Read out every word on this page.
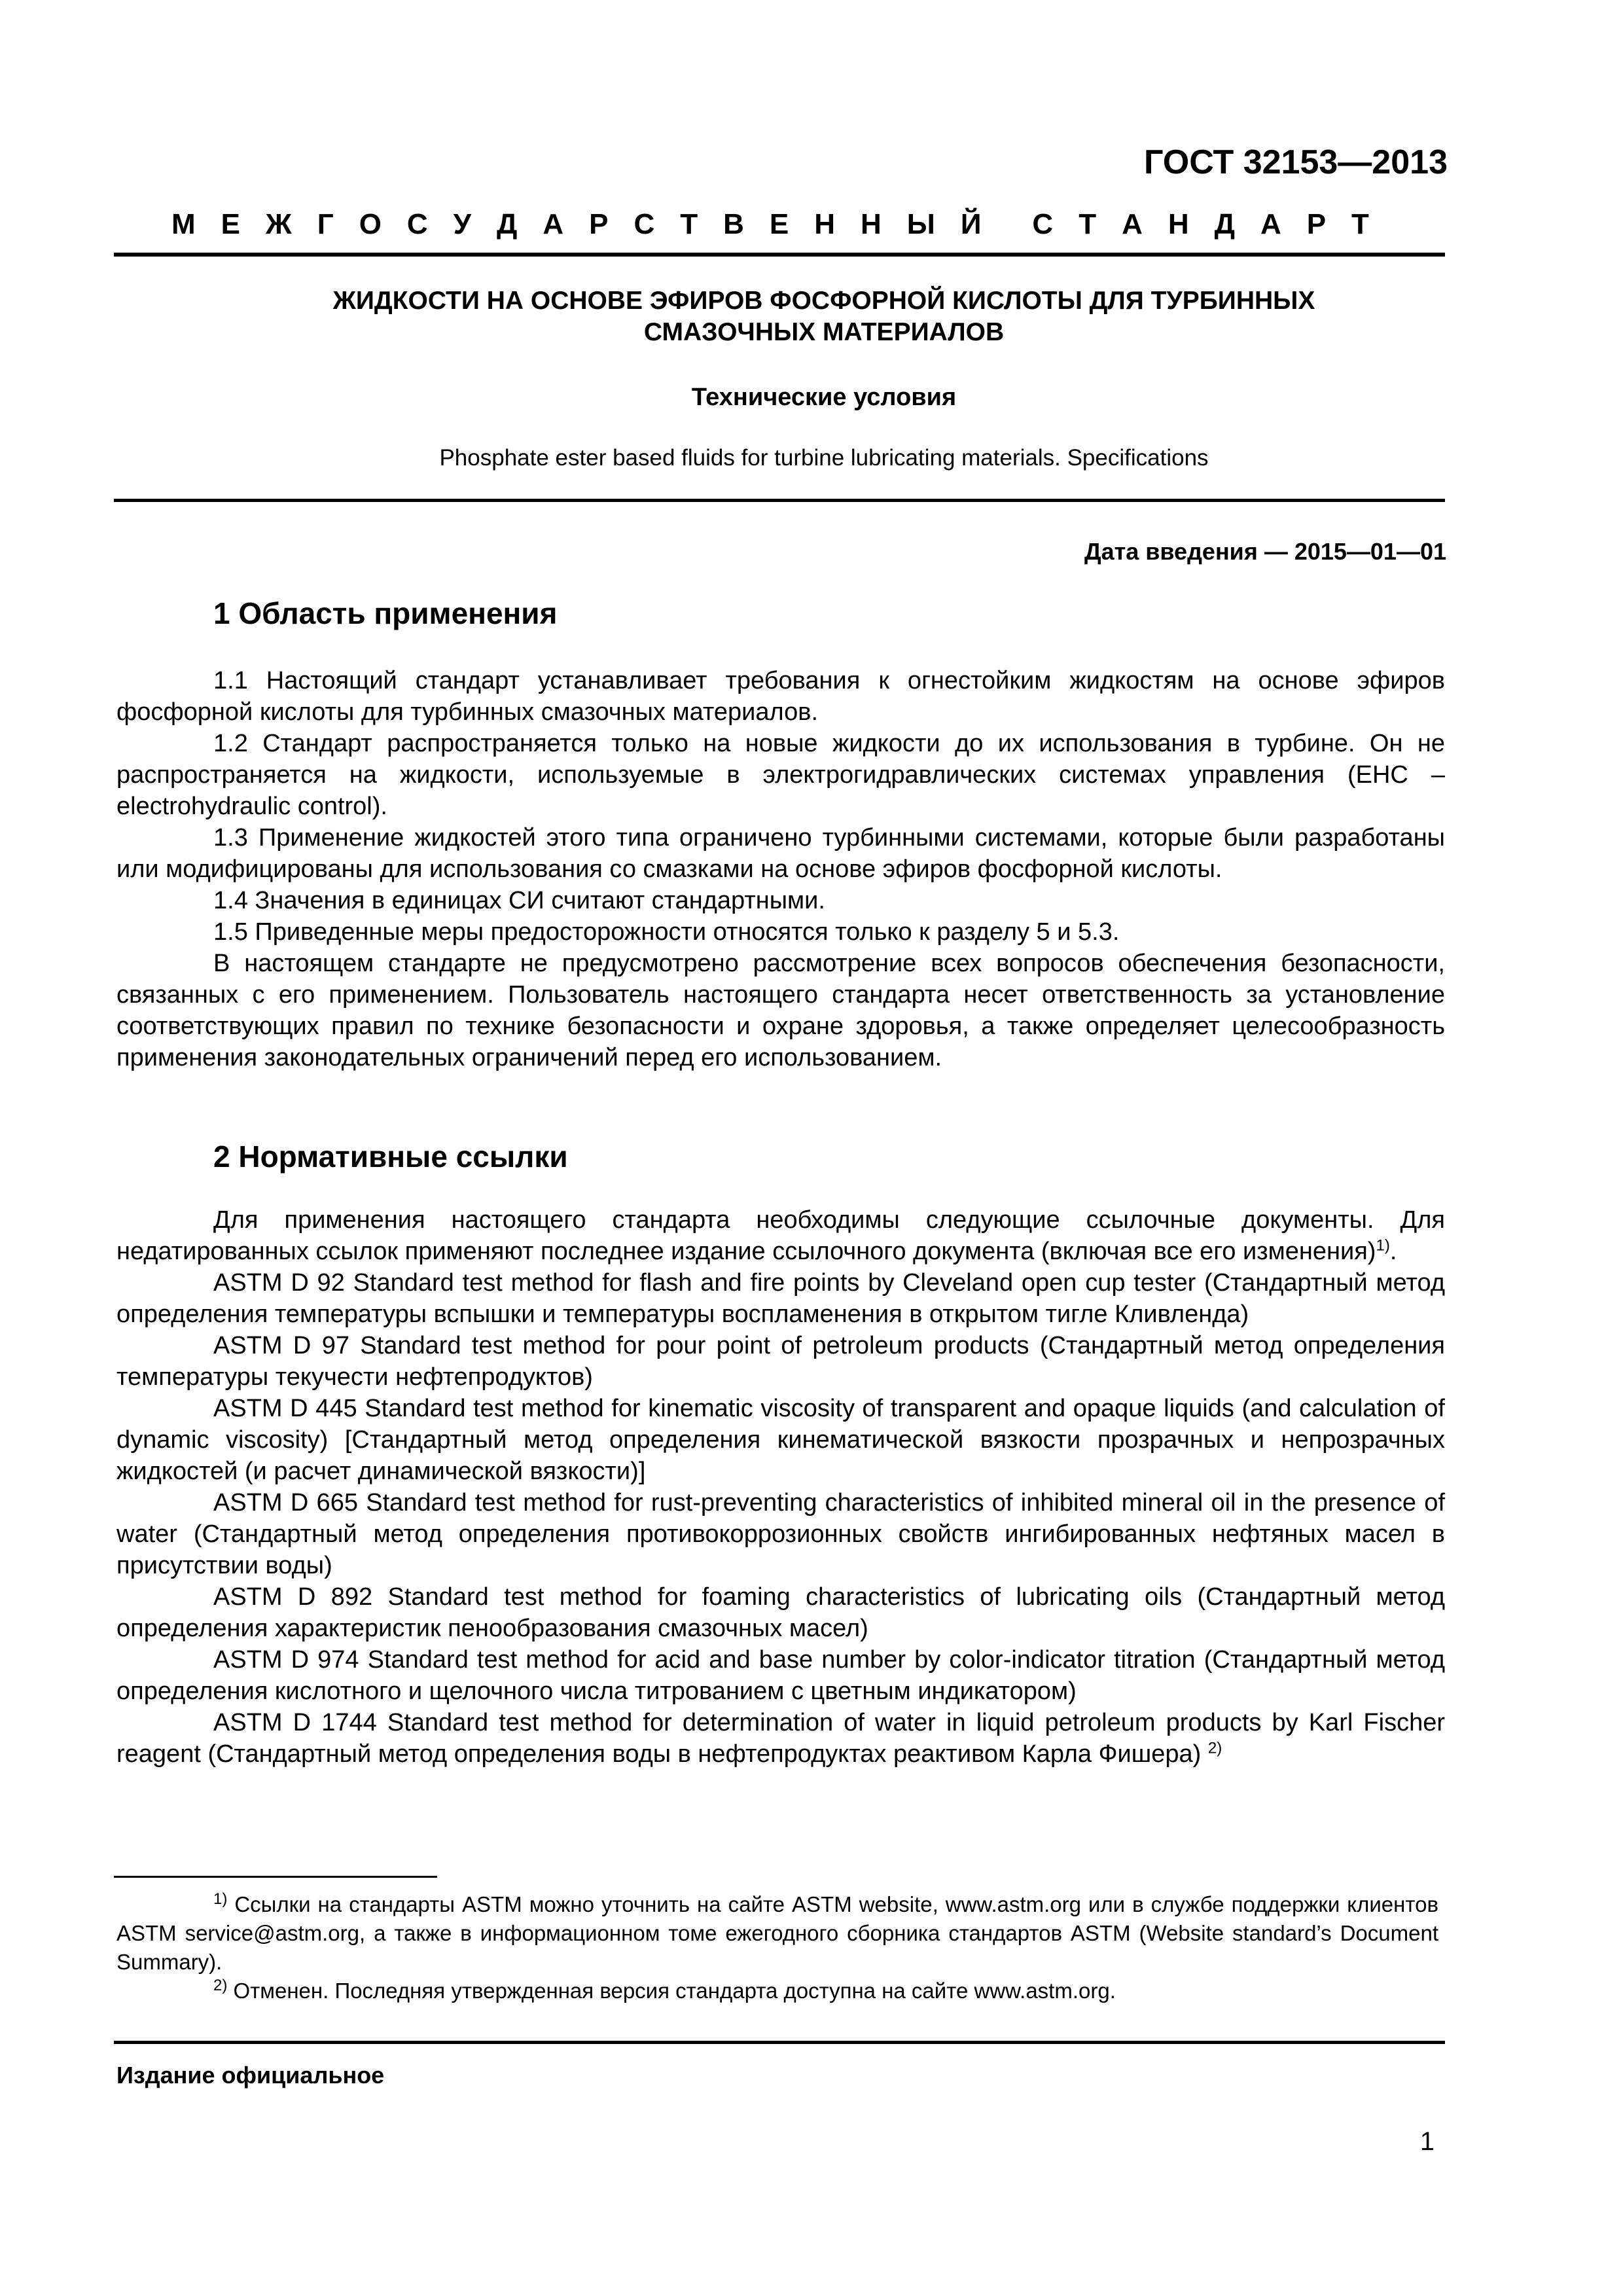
ГОСТ 32153—2013
М Е Ж Г О С У Д А Р С Т В Е Н Н Ы Й С Т А Н Д А Р Т
ЖИДКОСТИ НА ОСНОВЕ ЭФИРОВ ФОСФОРНОЙ КИСЛОТЫ ДЛЯ ТУРБИННЫХ
СМАЗОЧНЫХ МАТЕРИАЛОВ
Технические условия
Phosphate ester based fluids for turbine lubricating materials. Specifications
Дата введения — 2015—01—01
1 Область применения

1.1 Настоящий стандарт устанавливает требования к огнестойким жидкостям на основе эфиров фосфорной кислоты для турбинных смазочных материалов.

1.2 Стандарт распространяется только на новые жидкости до их использования в турбине. Он не распространяется на жидкости, используемые в электрогидравлических системах управления (EHC – electrohydraulic control).

1.3 Применение жидкостей этого типа ограничено турбинными системами, которые были разработаны или модифицированы для использования со смазками на основе эфиров фосфорной кислоты.

1.4 Значения в единицах СИ считают стандартными.

1.5 Приведенные меры предосторожности относятся только к разделу 5 и 5.3.

В настоящем стандарте не предусмотрено рассмотрение всех вопросов обеспечения безопасности, связанных с его применением. Пользователь настоящего стандарта несет ответственность за установление соответствующих правил по технике безопасности и охране здоровья, а также определяет целесообразность применения законодательных ограничений перед его использованием.

2 Нормативные ссылки

Для применения настоящего стандарта необходимы следующие ссылочные документы. Для недатированных ссылок применяют последнее издание ссылочного документа (включая все его изменения)$^{1)}$.

ASTM D 92 Standard test method for flash and fire points by Cleveland open cup tester (Стандартный метод определения температуры вспышки и температуры воспламенения в открытом тигле Кливленда)

ASTM D 97 Standard test method for pour point of petroleum products (Стандартный метод определения температуры текучести нефтепродуктов)

ASTM D 445 Standard test method for kinematic viscosity of transparent and opaque liquids (and calculation of dynamic viscosity) [Стандартный метод определения кинематической вязкости прозрачных и непрозрачных жидкостей (и расчет динамической вязкости)]

ASTM D 665 Standard test method for rust-preventing characteristics of inhibited mineral oil in the presence of water (Стандартный метод определения противокоррозионных свойств ингибированных нефтяных масел в присутствии воды)

ASTM D 892 Standard test method for foaming characteristics of lubricating oils (Стандартный метод определения характеристик пенообразования смазочных масел)

ASTM D 974 Standard test method for acid and base number by color-indicator titration (Стандартный метод определения кислотного и щелочного числа титрованием с цветным индикатором)

ASTM D 1744 Standard test method for determination of water in liquid petroleum products by Karl Fischer reagent (Стандартный метод определения воды в нефтепродуктах реактивом Карла Фишера) $^{2)}$

$^{1)}$ Ссылки на стандарты ASTM можно уточнить на сайте ASTM website, www.astm.org или в службе поддержки клиентов ASTM service@astm.org, а также в информационном томе ежегодного сборника стандартов ASTM (Website standard’s Document Summary).

$^{2)}$ Отменен. Последняя утвержденная версия стандарта доступна на сайте www.astm.org.

Издание официальное
1
